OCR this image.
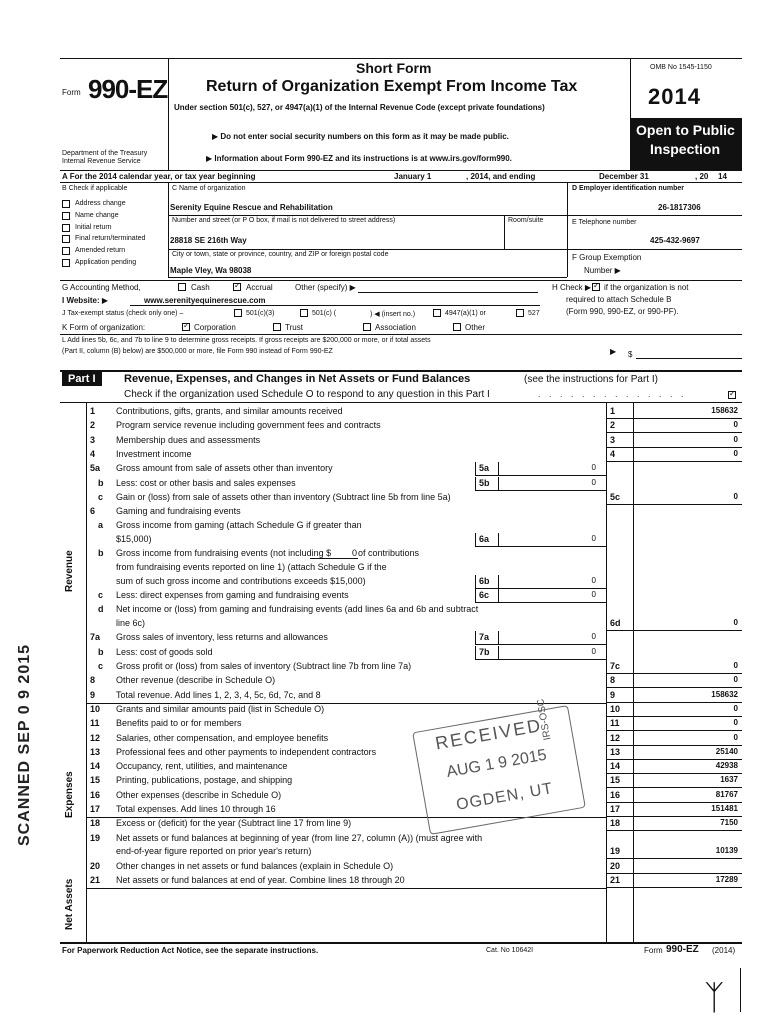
Form 990-EZ
Short Form
Return of Organization Exempt From Income Tax
Under section 501(c), 527, or 4947(a)(1) of the Internal Revenue Code (except private foundations)
▶ Do not enter social security numbers on this form as it may be made public.
▶ Information about Form 990-EZ and its instructions is at www.irs.gov/form990.
Department of the Treasury
Internal Revenue Service
OMB No 1545-1150
2014
Open to Public
Inspection
A For the 2014 calendar year, or tax year beginning	January 1	, 2014, and ending	December 31	, 20 14
B Check if applicable
Address change
Name change
Initial return
Final return/terminated
Amended return
Application pending
C Name of organization
Serenity Equine Rescue and Rehabilitation
Number and street (or P O box, if mail is not delivered to street address)	Room/suite
28818 SE 216th Way
City or town, state or province, country, and ZIP or foreign postal code
Maple Vley, Wa 98038
D Employer identification number
26-1817306
E Telephone number
425-432-9697
F Group Exemption
Number ▶
G Accounting Method,	Cash ✓	Accrual	Other (specify) ▶	H Check ▶ ✓ if the organization is not
required to attach Schedule B
(Form 990, 990-EZ, or 990-PF).
I Website: ▶	www.serenityequinerescue.com
J Tax-exempt status (check only one) –	501(c)(3)	501(c) (	) ◀ (insert no.)	4947(a)(1) or	527
K Form of organization: ✓	Corporation	Trust	Association	Other
L Add lines 5b, 6c, and 7b to line 9 to determine gross receipts. If gross receipts are $200,000 or more, or if total assets
(Part II, column (B) below) are $500,000 or more, file Form 990 instead of Form 990-EZ	▶ $
Part I	Revenue, Expenses, and Changes in Net Assets or Fund Balances	(see the instructions for Part I)
Check if the organization used Schedule O to respond to any question in this Part I	. . . . . . . . . . . . . .
✓
Revenue
Expenses
Net Assets
1 Contributions, gifts, grants, and similar amounts received	1	158632
2 Program service revenue including government fees and contracts	2	0
3 Membership dues and assessments	3	0
4 Investment income	4	0
5a Gross amount from sale of assets other than inventory	5a	0
b Less: cost or other basis and sales expenses	5b	0
c Gain or (loss) from sale of assets other than inventory (Subtract line 5b from line 5a)	5c	0
6 Gaming and fundraising events
a Gross income from gaming (attach Schedule G if greater than
$15,000)	6a	0
b Gross income from fundraising events (not including $ 0 of contributions
from fundraising events reported on line 1) (attach Schedule G if the
sum of such gross income and contributions exceeds $15,000)	6b	0
c Less: direct expenses from gaming and fundraising events	6c	0
d Net income or (loss) from gaming and fundraising events (add lines 6a and 6b and subtract
line 6c)	6d	0
7a Gross sales of inventory, less returns and allowances	7a	0
b Less: cost of goods sold	7b	0
c Gross profit or (loss) from sales of inventory (Subtract line 7b from line 7a)	7c	0
8 Other revenue (describe in Schedule O)	8	0
9 Total revenue. Add lines 1, 2, 3, 4, 5c, 6d, 7c, and 8	9	158632
10 Grants and similar amounts paid (list in Schedule O)	10	0
11 Benefits paid to or for members	11	0
12 Salaries, other compensation, and employee benefits	12	0
13 Professional fees and other payments to independent contractors	13	25140
14 Occupancy, rent, utilities, and maintenance	14	42938
15 Printing, publications, postage, and shipping	15	1637
16 Other expenses (describe in Schedule O)	16	81767
17 Total expenses. Add lines 10 through 16	17	151481
18 Excess or (deficit) for the year (Subtract line 17 from line 9)	18	7150
19 Net assets or fund balances at beginning of year (from line 27, column (A)) (must agree with
end-of-year figure reported on prior year's return)	19	10139
20 Other changes in net assets or fund balances (explain in Schedule O)	20
21 Net assets or fund balances at end of year. Combine lines 18 through 20	21	17289
For Paperwork Reduction Act Notice, see the separate instructions.	Cat. No 10642I	Form 990-EZ (2014)
SCANNED SEP 0 9 2015	RECEIVED
AUG 1 9 2015
OGDEN, UT
IRS-OSC
ᛉ
